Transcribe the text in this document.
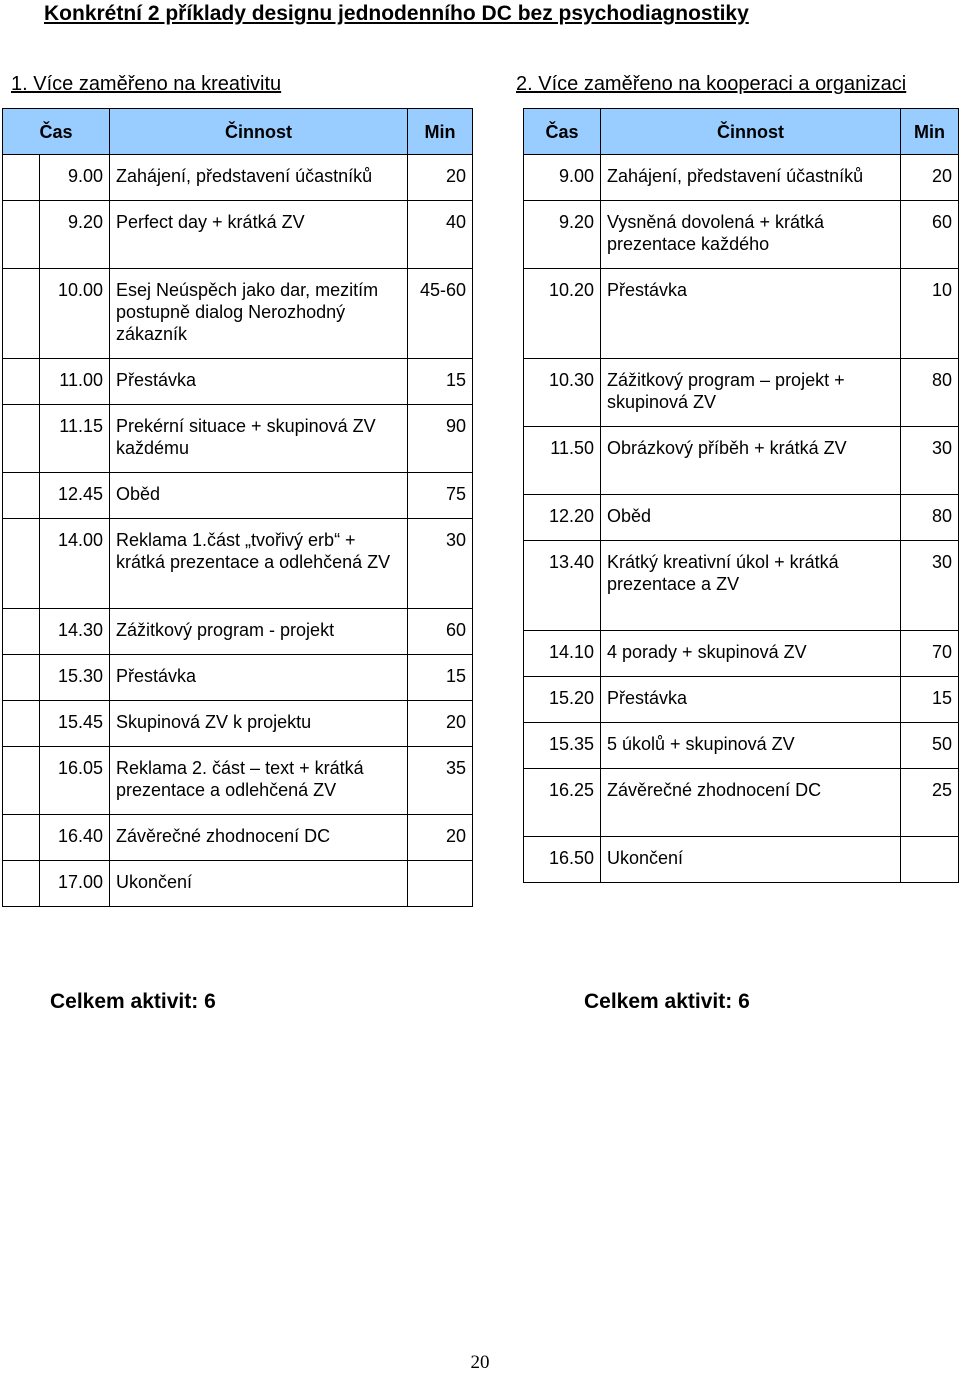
Konkrétní 2 příklady designu jednodenního DC bez psychodiagnostiky
1. Více zaměřeno na kreativitu	2. Více zaměřeno na kooperaci a organizaci
Čas		Činnost	Min
	9.00	Zahájení, představení účastníků	20
	9.20	Perfect day + krátká ZV	40
	10.00	Esej Neúspěch jako dar, mezitím postupně dialog Nerozhodný zákazník	45-60
	11.00	Přestávka	15
	11.15	Prekérní situace + skupinová ZV každému	90
	12.45	Oběd	75
	14.00	Reklama 1.část „tvořivý erb“ + krátká prezentace a odlehčená ZV	30
	14.30	Zážitkový program - projekt	60
	15.30	Přestávka	15
	15.45	Skupinová ZV k projektu	20
	16.05	Reklama 2. část – text + krátká prezentace a odlehčená ZV	35
	16.40	Závěrečné zhodnocení DC	20
	17.00	Ukončení	
Čas	Činnost	Min
9.00	Zahájení, představení účastníků	20
9.20	Vysněná dovolená + krátká prezentace každého	60
10.20	Přestávka	10
10.30	Zážitkový program – projekt + skupinová ZV	80
11.50	Obrázkový příběh + krátká ZV	30
12.20	Oběd	80
13.40	Krátký kreativní úkol + krátká prezentace a ZV	30
14.10	4 porady + skupinová ZV	70
15.20	Přestávka	15
15.35	5 úkolů + skupinová ZV	50
16.25	Závěrečné zhodnocení DC	25
16.50	Ukončení	
Celkem aktivit: 6	Celkem aktivit: 6
20
